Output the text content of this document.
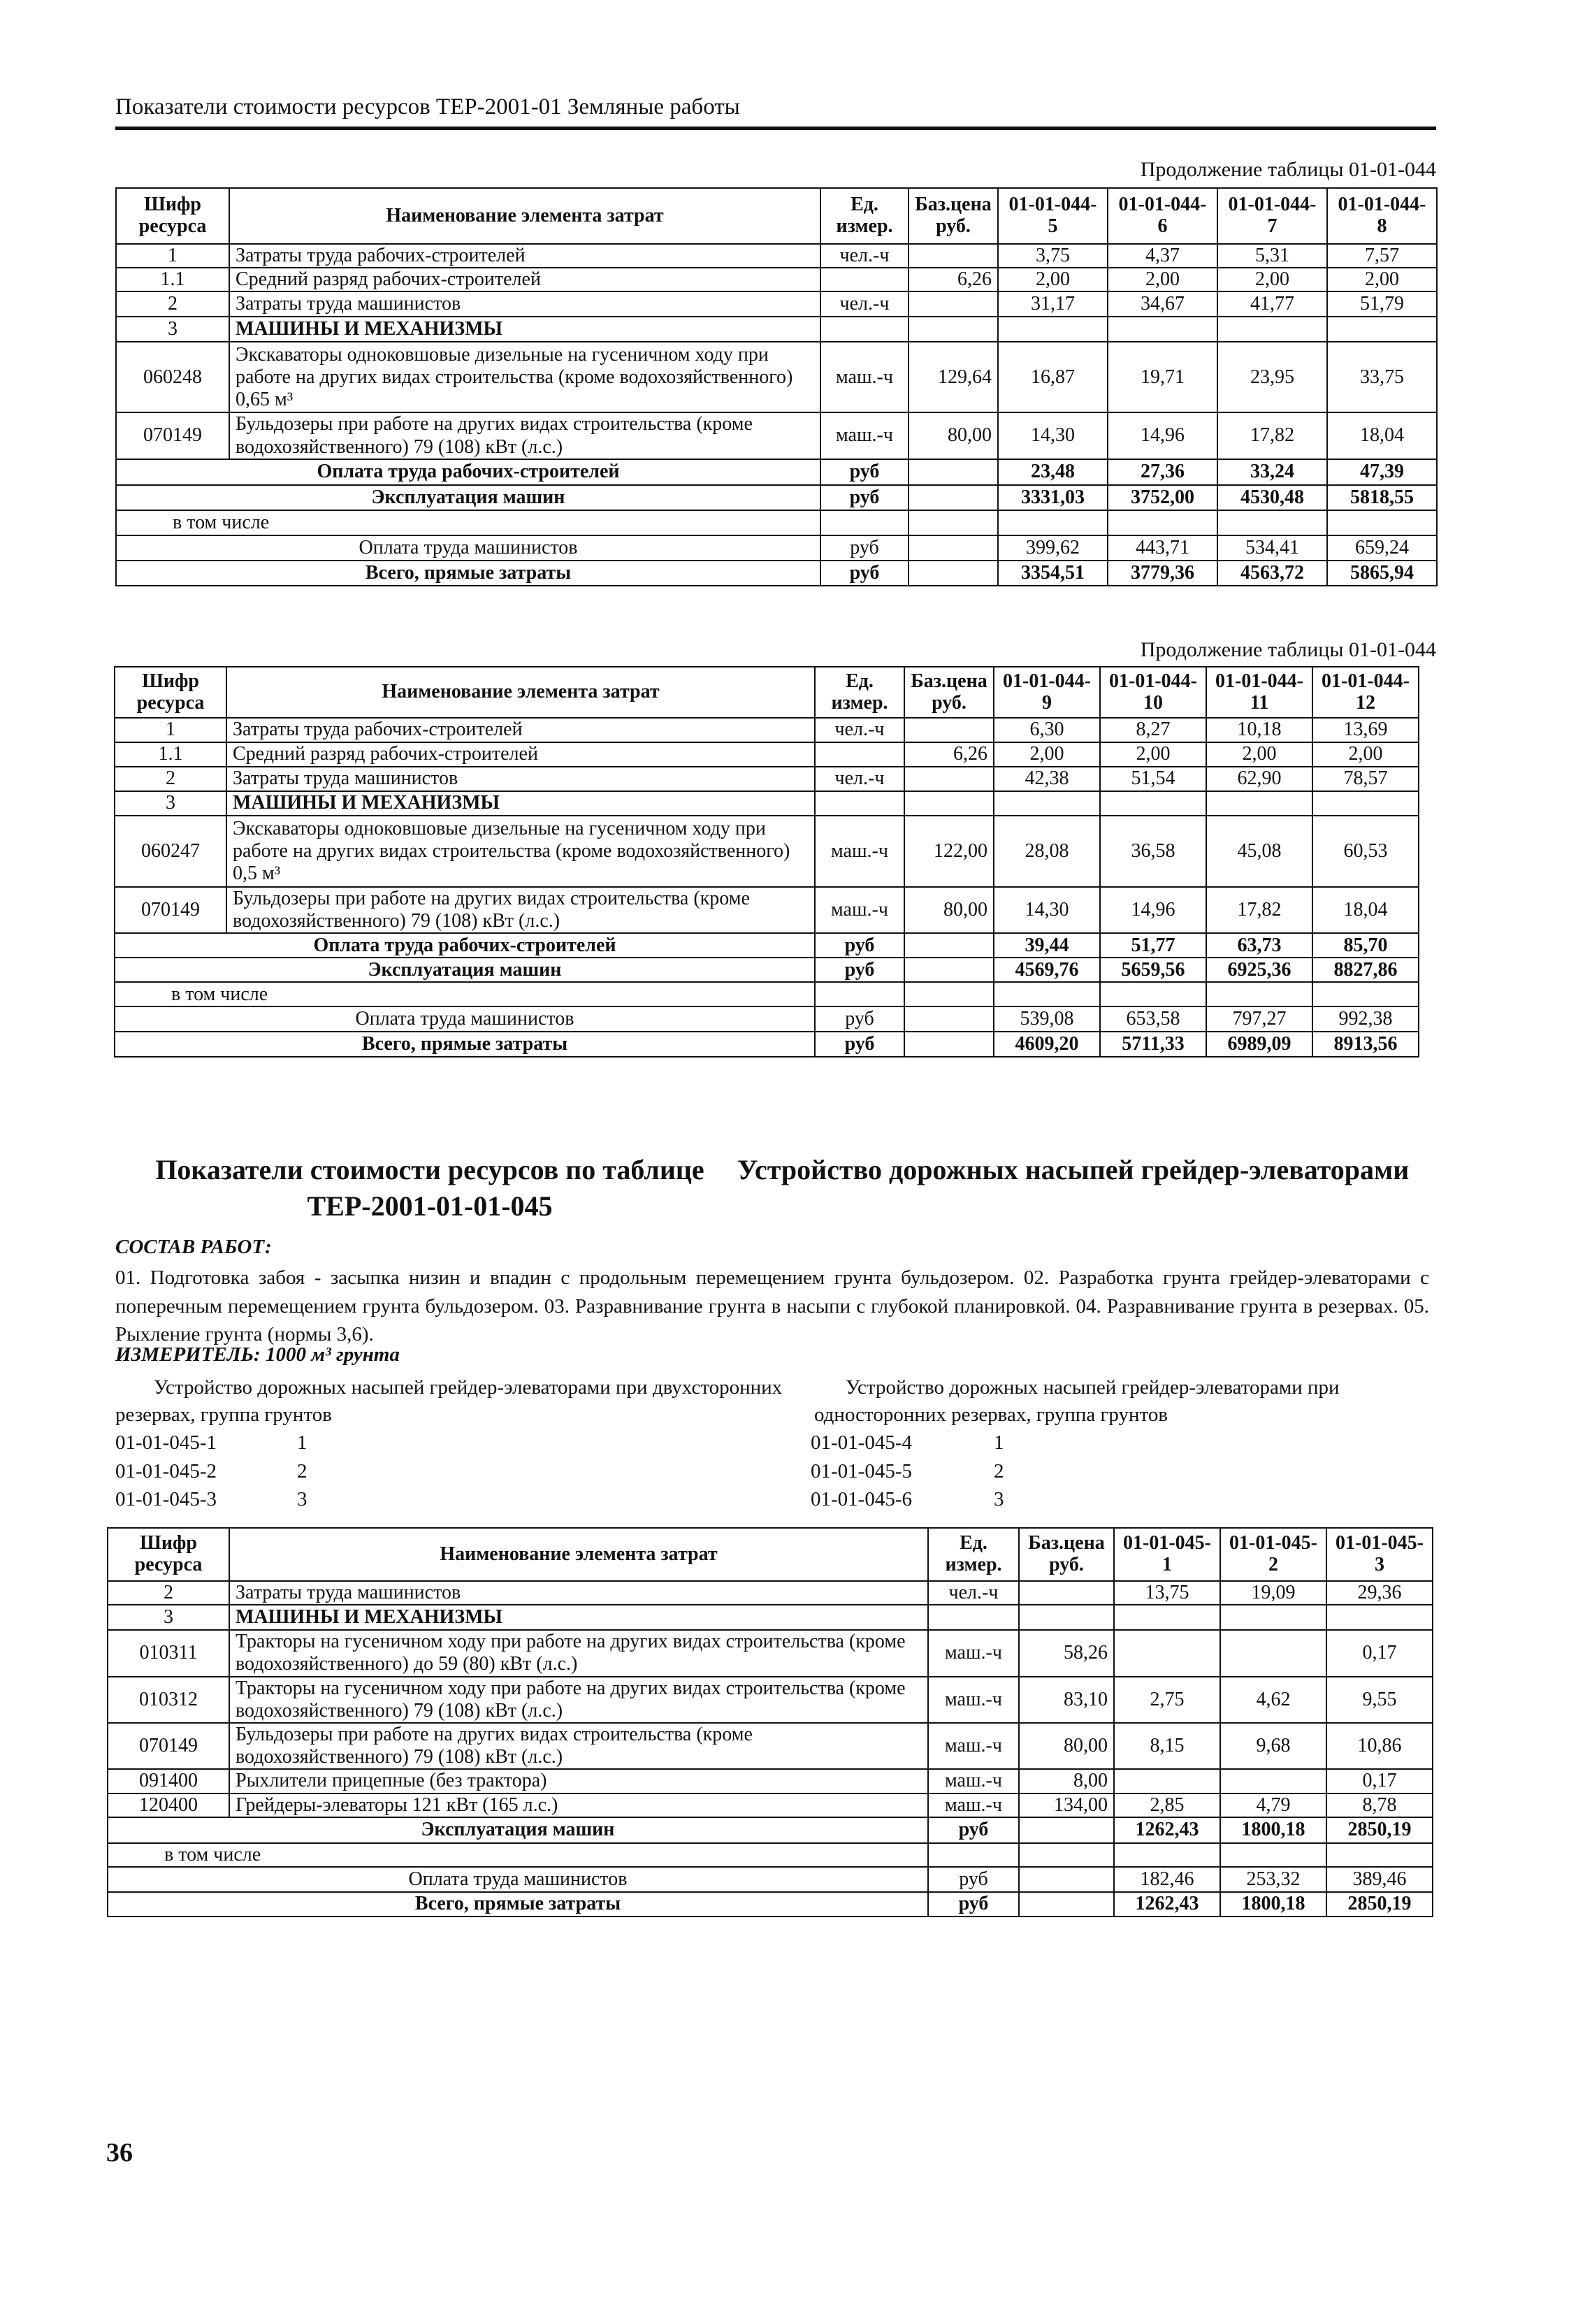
Показатели стоимости ресурсов ТЕР-2001-01 Земляные работы
Продолжение таблицы 01-01-044
Шифр ресурса	Наименование элемента затрат	Ед. измер.	Баз.цена руб.	01-01-044-5	01-01-044-6	01-01-044-7	01-01-044-8
1	Затраты труда рабочих-строителей	чел.-ч		3,75	4,37	5,31	7,57
1.1	Средний разряд рабочих-строителей		6,26	2,00	2,00	2,00	2,00
2	Затраты труда машинистов	чел.-ч		31,17	34,67	41,77	51,79
3	МАШИНЫ И МЕХАНИЗМЫ						
060248	Экскаваторы одноковшовые дизельные на гусеничном ходу при работе на других видах строительства (кроме водохозяйственного) 0,65 м³	маш.-ч	129,64	16,87	19,71	23,95	33,75
070149	Бульдозеры при работе на других видах строительства (кроме водохозяйственного) 79 (108) кВт (л.с.)	маш.-ч	80,00	14,30	14,96	17,82	18,04
Оплата труда рабочих-строителей		руб		23,48	27,36	33,24	47,39
Эксплуатация машин		руб		3331,03	3752,00	4530,48	5818,55
в том числе							
Оплата труда машинистов		руб		399,62	443,71	534,41	659,24
Всего, прямые затраты		руб		3354,51	3779,36	4563,72	5865,94
Продолжение таблицы 01-01-044
Шифр ресурса	Наименование элемента затрат	Ед. измер.	Баз.цена руб.	01-01-044-9	01-01-044-10	01-01-044-11	01-01-044-12
1	Затраты труда рабочих-строителей	чел.-ч		6,30	8,27	10,18	13,69
1.1	Средний разряд рабочих-строителей		6,26	2,00	2,00	2,00	2,00
2	Затраты труда машинистов	чел.-ч		42,38	51,54	62,90	78,57
3	МАШИНЫ И МЕХАНИЗМЫ						
060247	Экскаваторы одноковшовые дизельные на гусеничном ходу при работе на других видах строительства (кроме водохозяйственного) 0,5 м³	маш.-ч	122,00	28,08	36,58	45,08	60,53
070149	Бульдозеры при работе на других видах строительства (кроме водохозяйственного) 79 (108) кВт (л.с.)	маш.-ч	80,00	14,30	14,96	17,82	18,04
Оплата труда рабочих-строителей		руб		39,44	51,77	63,73	85,70
Эксплуатация машин		руб		4569,76	5659,56	6925,36	8827,86
в том числе							
Оплата труда машинистов		руб		539,08	653,58	797,27	992,38
Всего, прямые затраты		руб		4609,20	5711,33	6989,09	8913,56
Показатели стоимости ресурсов по таблице ТЕР-2001-01-01-045
Устройство дорожных насыпей грейдер-элеваторами
СОСТАВ РАБОТ:
01. Подготовка забоя - засыпка низин и впадин с продольным перемещением грунта бульдозером. 02. Разработка грунта грейдер-элеваторами с поперечным перемещением грунта бульдозером. 03. Разравнивание грунта в насыпи с глубокой планировкой. 04. Разравнивание грунта в резервах. 05. Рыхление грунта (нормы 3,6).
ИЗМЕРИТЕЛЬ: 1000 м³ грунта
Устройство дорожных насыпей грейдер-элеваторами при двухсторонних резервах, группа грунтов
Устройство дорожных насыпей грейдер-элеваторами при односторонних резервах, группа грунтов
01-01-045-1	1
01-01-045-2	2
01-01-045-3	3
01-01-045-4	1
01-01-045-5	2
01-01-045-6	3
Шифр ресурса	Наименование элемента затрат	Ед. измер.	Баз.цена руб.	01-01-045-1	01-01-045-2	01-01-045-3
2	Затраты труда машинистов	чел.-ч		13,75	19,09	29,36
3	МАШИНЫ И МЕХАНИЗМЫ					
010311	Тракторы на гусеничном ходу при работе на других видах строительства (кроме водохозяйственного) до 59 (80) кВт (л.с.)	маш.-ч	58,26			0,17
010312	Тракторы на гусеничном ходу при работе на других видах строительства (кроме водохозяйственного) 79 (108) кВт (л.с.)	маш.-ч	83,10	2,75	4,62	9,55
070149	Бульдозеры при работе на других видах строительства (кроме водохозяйственного) 79 (108) кВт (л.с.)	маш.-ч	80,00	8,15	9,68	10,86
091400	Рыхлители прицепные (без трактора)	маш.-ч	8,00			0,17
120400	Грейдеры-элеваторы 121 кВт (165 л.с.)	маш.-ч	134,00	2,85	4,79	8,78
Эксплуатация машин		руб		1262,43	1800,18	2850,19
в том числе						
Оплата труда машинистов		руб		182,46	253,32	389,46
Всего, прямые затраты		руб		1262,43	1800,18	2850,19
36
